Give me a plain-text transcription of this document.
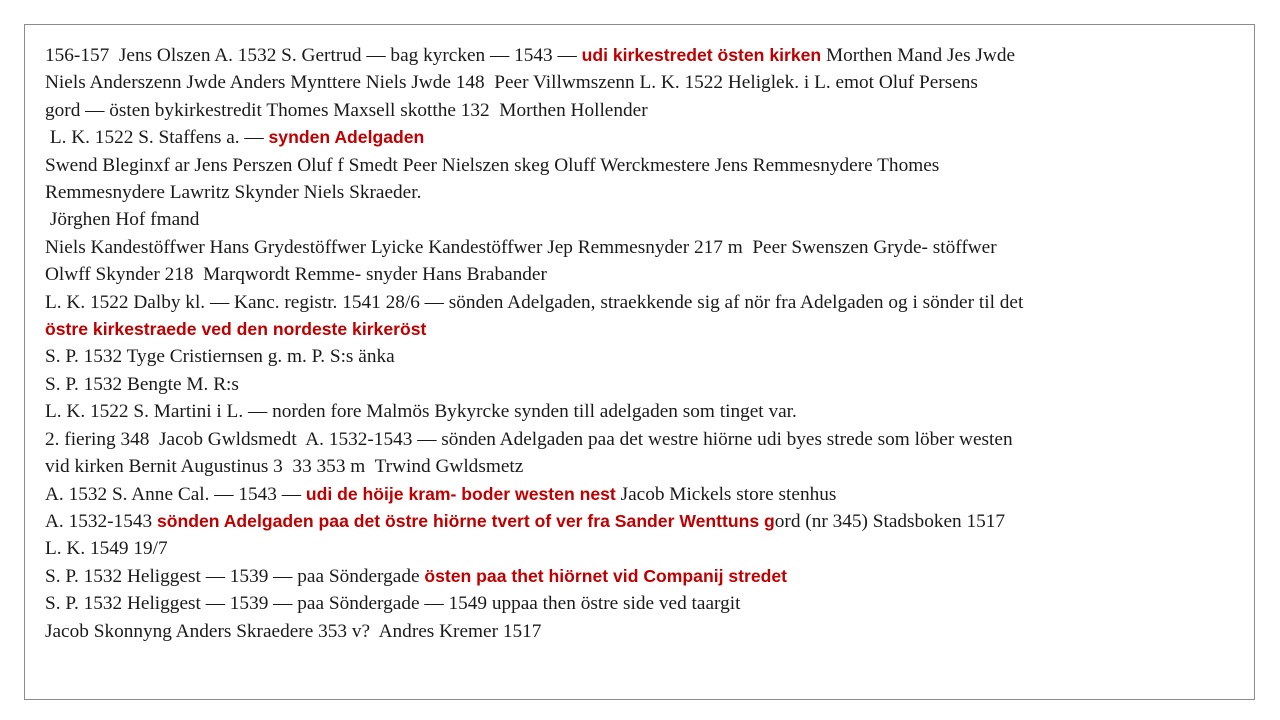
156-157  Jens Olszen A. 1532 S. Gertrud — bag kyrcken — 1543 — udi kirkestredet östen kirken Morthen Mand Jes Jwde
Niels Anderszenn Jwde Anders Mynttere Niels Jwde 148  Peer Villwmszenn L. K. 1522 Heliglek. i L. emot Oluf Persens
gord — östen bykirkestredit Thomes Maxsell skotthe 132  Morthen Hollender
L. K. 1522 S. Staffens a. — synden Adelgaden
Swend Bleginxf ar Jens Perszen Oluf f Smedt Peer Nielszen skeg Oluff Werckmestere Jens Remmesnydere Thomes
Remmesnydere Lawritz Skynder Niels Skraeder.
Jörghen Hof fmand
Niels Kandestöffwer Hans Grydestöffwer Lyicke Kandestöffwer Jep Remmesnyder 217 m  Peer Swenszen Gryde- stöffwer
Olwff Skynder 218  Marqwordt Remme- snyder Hans Brabander
L. K. 1522 Dalby kl. — Kanc. registr. 1541 28/6 — sönden Adelgaden, straekkende sig af nör fra Adelgaden og i sönder til det
östre kirkestraede ved den nordeste kirkeröst
S. P. 1532 Tyge Cristiernsen g. m. P. S:s änka
S. P. 1532 Bengte M. R:s
L. K. 1522 S. Martini i L. — norden fore Malmös Bykyrcke synden till adelgaden som tinget var.
2. fiering 348  Jacob Gwldsmedt  A. 1532-1543 — sönden Adelgaden paa det westre hiörne udi byes strede som löber westen
vid kirken Bernit Augustinus 3  33 353 m  Trwind Gwldsmetz
A. 1532 S. Anne Cal. — 1543 — udi de höije kram- boder westen nest Jacob Mickels store stenhus
A. 1532-1543 sönden Adelgaden paa det östre hiörne tvert of ver fra Sander Wenttuns gord (nr 345) Stadsboken 1517
L. K. 1549 19/7
S. P. 1532 Heliggest — 1539 — paa Söndergade östen paa thet hiörnet vid Companij stredet
S. P. 1532 Heliggest — 1539 — paa Söndergade — 1549 uppaa then östre side ved taargit
Jacob Skonnyng Anders Skraedere 353 v?  Andres Kremer 1517
